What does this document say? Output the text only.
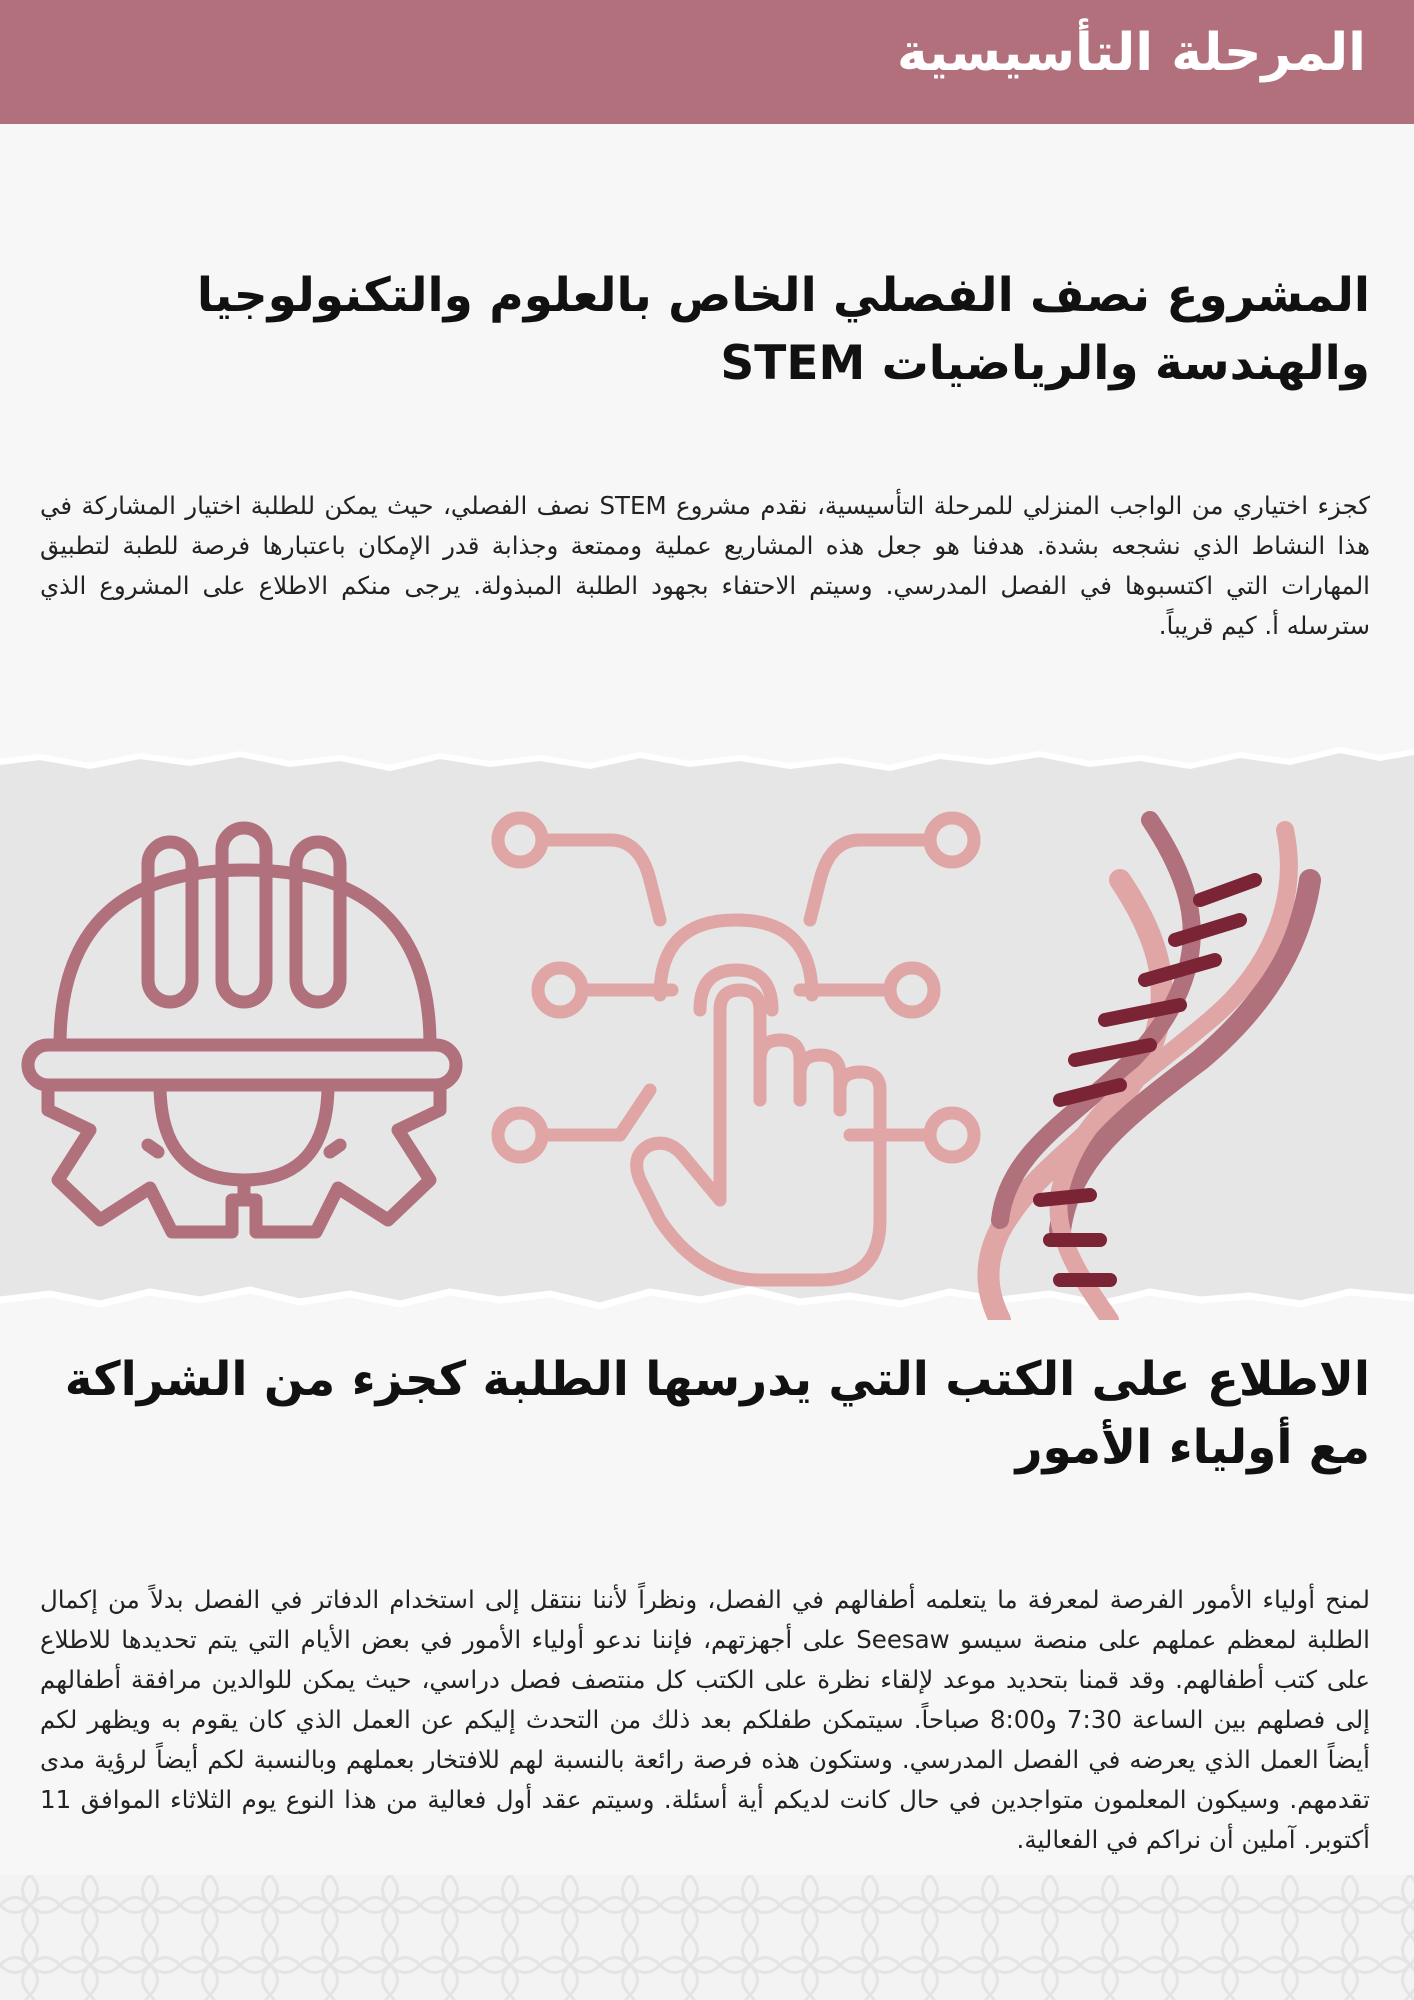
المرحلة التأسيسية
المشروع نصف الفصلي الخاص بالعلوم والتكنولوجيا والهندسة والرياضيات STEM
كجزء اختياري من الواجب المنزلي للمرحلة التأسيسية، نقدم مشروع STEM نصف الفصلي، حيث يمكن للطلبة اختيار المشاركة في هذا النشاط الذي نشجعه بشدة. هدفنا هو جعل هذه المشاريع عملية وممتعة وجذابة قدر الإمكان باعتبارها فرصة للطبة لتطبيق المهارات التي اكتسبوها في الفصل المدرسي. وسيتم الاحتفاء بجهود الطلبة المبذولة. يرجى منكم الاطلاع على المشروع الذي سترسله أ. كيم قريباً.
الاطلاع على الكتب التي يدرسها الطلبة كجزء من الشراكة مع أولياء الأمور
لمنح أولياء الأمور الفرصة لمعرفة ما يتعلمه أطفالهم في الفصل، ونظراً لأننا ننتقل إلى استخدام الدفاتر في الفصل بدلاً من إكمال الطلبة لمعظم عملهم على منصة سيسو Seesaw على أجهزتهم، فإننا ندعو أولياء الأمور في بعض الأيام التي يتم تحديدها للاطلاع على كتب أطفالهم. وقد قمنا بتحديد موعد لإلقاء نظرة على الكتب كل منتصف فصل دراسي، حيث يمكن للوالدين مرافقة أطفالهم إلى فصلهم بين الساعة 7:30 و8:00 صباحاً. سيتمكن طفلكم بعد ذلك من التحدث إليكم عن العمل الذي كان يقوم به ويظهر لكم أيضاً العمل الذي يعرضه في الفصل المدرسي. وستكون هذه فرصة رائعة بالنسبة لهم للافتخار بعملهم وبالنسبة لكم أيضاً لرؤية مدى تقدمهم. وسيكون المعلمون متواجدين في حال كانت لديكم أية أسئلة. وسيتم عقد أول فعالية من هذا النوع يوم الثلاثاء الموافق 11 أكتوبر. آملين أن نراكم في الفعالية.
